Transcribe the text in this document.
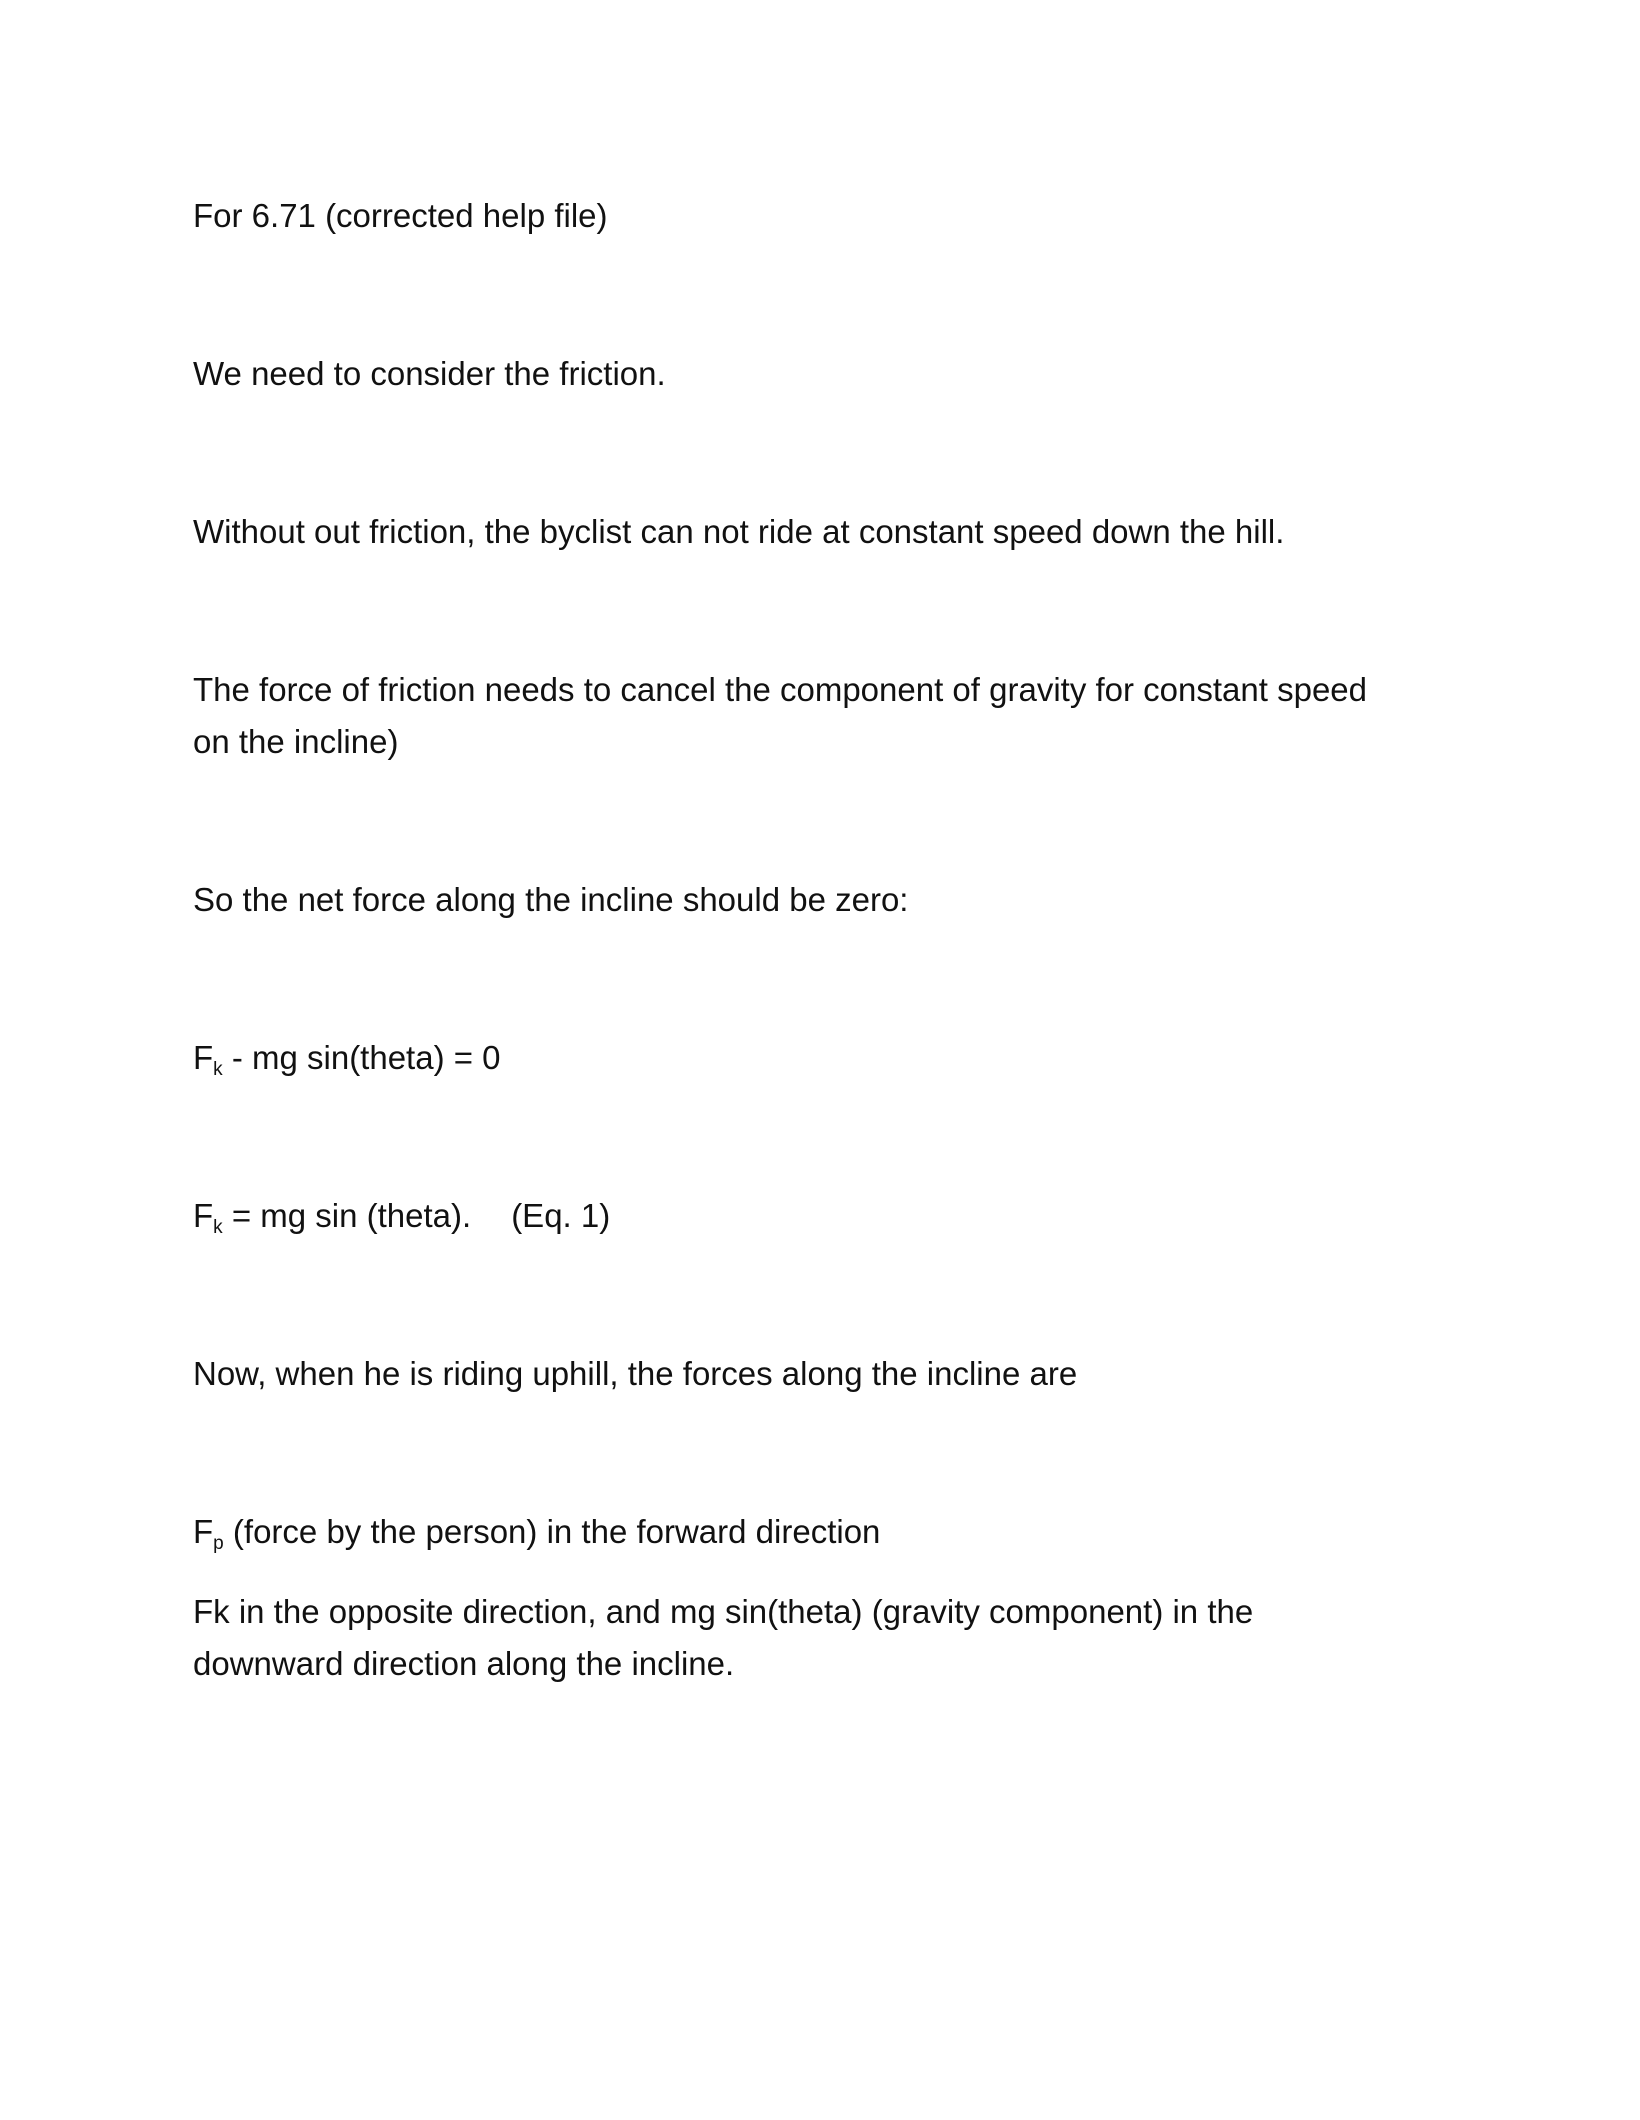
For 6.71 (corrected help file)

We need to consider the friction.

Without out friction, the byclist can not ride at constant speed down the hill.

The force of friction needs to cancel the component of gravity for constant speed

on the incline)

So the net force along the incline should be zero:

$F_k$ - mg sin(theta) = 0

$F_k$ = mg sin (theta). (Eq. 1)

Now, when he is riding uphill, the forces along the incline are

$F_p$ (force by the person) in the forward direction

Fk in the opposite direction, and mg sin(theta) (gravity component) in the

downward direction along the incline.
